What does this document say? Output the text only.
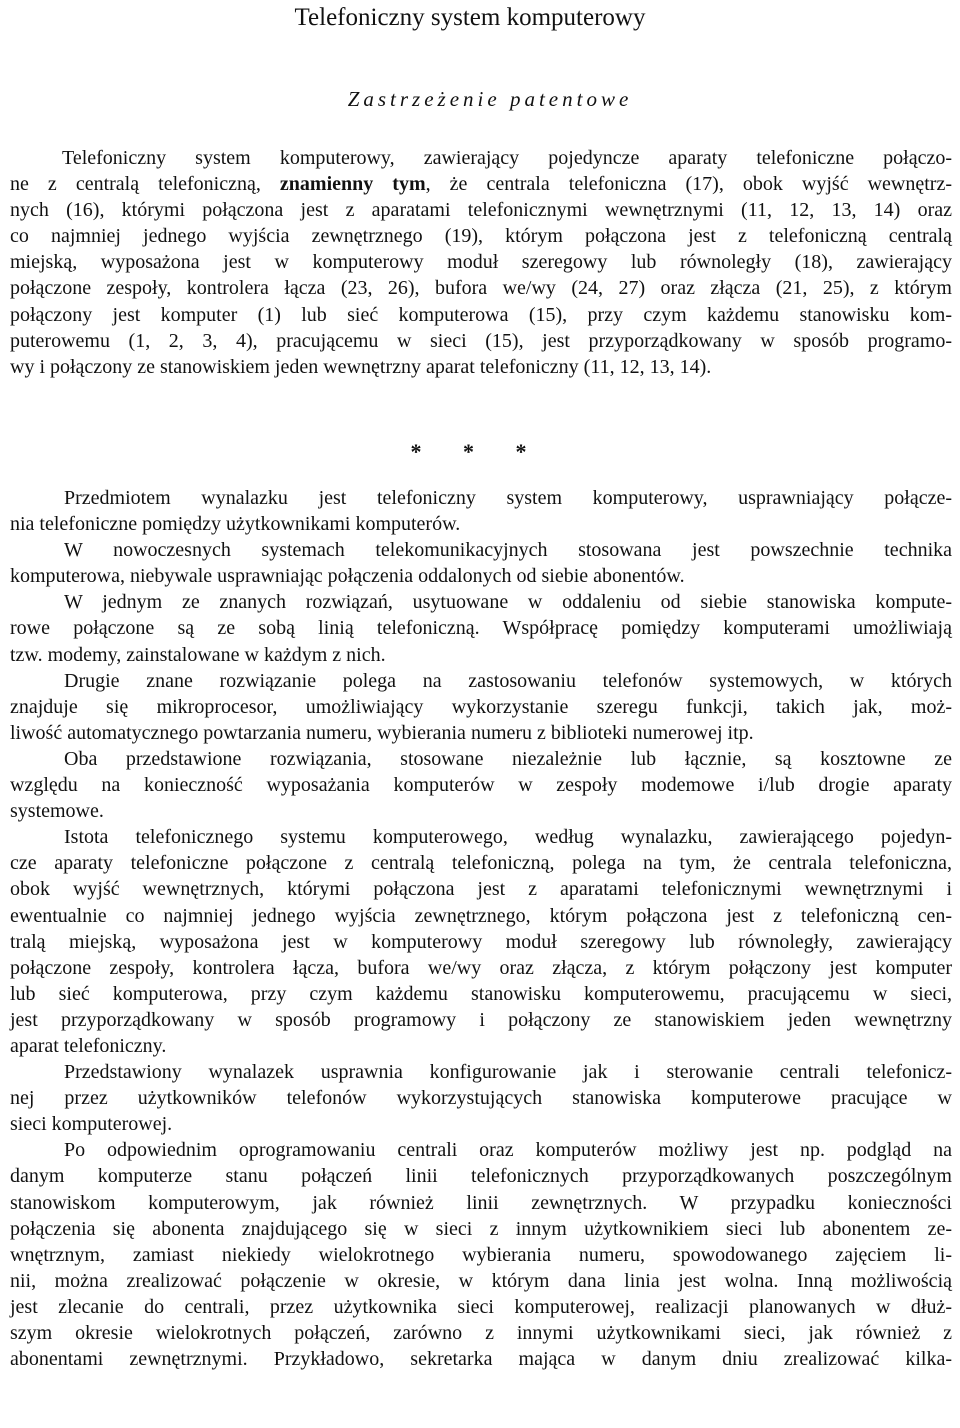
Telefoniczny system komputerowy
Zastrzeżenie patentowe

Telefoniczny system komputerowy, zawierający pojedyncze aparaty telefoniczne połączo-
ne z centralą telefoniczną, znamienny tym, że centrala telefoniczna (17), obok wyjść wewnętrz-
nych (16), którymi połączona jest z aparatami telefonicznymi wewnętrznymi (11, 12, 13, 14) oraz
co najmniej jednego wyjścia zewnętrznego (19), którym połączona jest z telefoniczną centralą
miejską, wyposażona jest w komputerowy moduł szeregowy lub równoległy (18), zawierający
połączone zespoły, kontrolera łącza (23, 26), bufora we/wy (24, 27) oraz złącza (21, 25), z którym
połączony jest komputer (1) lub sieć komputerowa (15), przy czym każdemu stanowisku kom-
puterowemu (1, 2, 3, 4), pracującemu w sieci (15), jest przyporządkowany w sposób programo-
wy i połączony ze stanowiskiem jeden wewnętrzny aparat telefoniczny (11, 12, 13, 14).

* * *

Przedmiotem wynalazku jest telefoniczny system komputerowy, usprawniający połącze-
nia telefoniczne pomiędzy użytkownikami komputerów.

W nowoczesnych systemach telekomunikacyjnych stosowana jest powszechnie technika
komputerowa, niebywale usprawniając połączenia oddalonych od siebie abonentów.

W jednym ze znanych rozwiązań, usytuowane w oddaleniu od siebie stanowiska kompute-
rowe połączone są ze sobą linią telefoniczną. Współpracę pomiędzy komputerami umożliwiają
tzw. modemy, zainstalowane w każdym z nich.

Drugie znane rozwiązanie polega na zastosowaniu telefonów systemowych, w których
znajduje się mikroprocesor, umożliwiający wykorzystanie szeregu funkcji, takich jak, moż-
liwość automatycznego powtarzania numeru, wybierania numeru z biblioteki numerowej itp.

Oba przedstawione rozwiązania, stosowane niezależnie lub łącznie, są kosztowne ze
względu na konieczność wyposażania komputerów w zespoły modemowe i/lub drogie aparaty
systemowe.

Istota telefonicznego systemu komputerowego, według wynalazku, zawierającego pojedyn-
cze aparaty telefoniczne połączone z centralą telefoniczną, polega na tym, że centrala telefoniczna,
obok wyjść wewnętrznych, którymi połączona jest z aparatami telefonicznymi wewnętrznymi i
ewentualnie co najmniej jednego wyjścia zewnętrznego, którym połączona jest z telefoniczną cen-
tralą miejską, wyposażona jest w komputerowy moduł szeregowy lub równoległy, zawierający
połączone zespoły, kontrolera łącza, bufora we/wy oraz złącza, z którym połączony jest komputer
lub sieć komputerowa, przy czym każdemu stanowisku komputerowemu, pracującemu w sieci,
jest przyporządkowany w sposób programowy i połączony ze stanowiskiem jeden wewnętrzny
aparat telefoniczny.

Przedstawiony wynalazek usprawnia konfigurowanie jak i sterowanie centrali telefonicz-
nej przez użytkowników telefonów wykorzystujących stanowiska komputerowe pracujące w
sieci komputerowej.

Po odpowiednim oprogramowaniu centrali oraz komputerów możliwy jest np. podgląd na
danym komputerze stanu połączeń linii telefonicznych przyporządkowanych poszczególnym
stanowiskom komputerowym, jak również linii zewnętrznych. W przypadku konieczności
połączenia się abonenta znajdującego się w sieci z innym użytkownikiem sieci lub abonentem ze-
wnętrznym, zamiast niekiedy wielokrotnego wybierania numeru, spowodowanego zajęciem li-
nii, można zrealizować połączenie w okresie, w którym dana linia jest wolna. Inną możliwością
jest zlecanie do centrali, przez użytkownika sieci komputerowej, realizacji planowanych w dłuż-
szym okresie wielokrotnych połączeń, zarówno z innymi użytkownikami sieci, jak również z
abonentami zewnętrznymi. Przykładowo, sekretarka mająca w danym dniu zrealizować kilka-
